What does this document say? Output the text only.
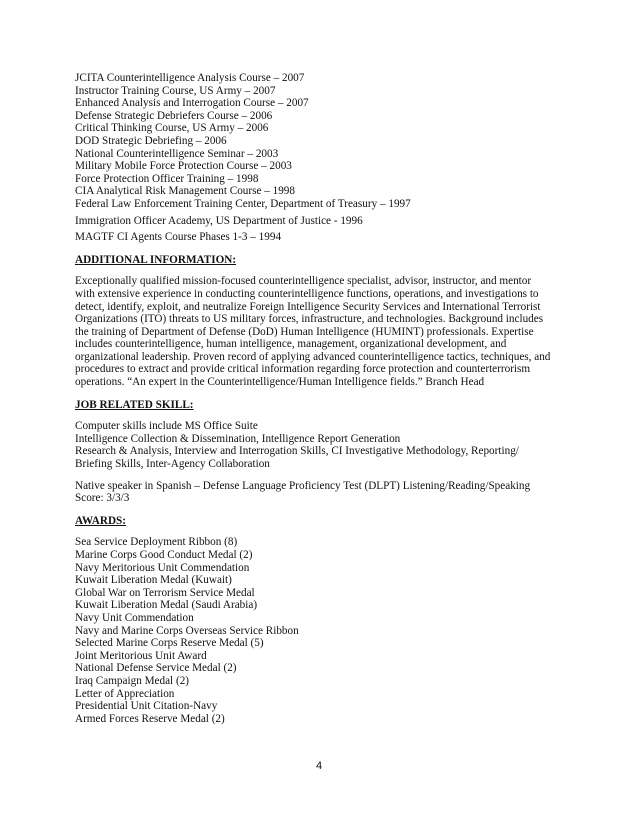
JCITA Counterintelligence Analysis Course – 2007
Instructor Training Course, US Army – 2007
Enhanced Analysis and Interrogation Course – 2007
Defense Strategic Debriefers Course – 2006
Critical Thinking Course, US Army – 2006
DOD Strategic Debriefing – 2006
National Counterintelligence Seminar – 2003
Military Mobile Force Protection Course – 2003
Force Protection Officer Training – 1998
CIA Analytical Risk Management Course – 1998
Federal Law Enforcement Training Center, Department of Treasury – 1997
Immigration Officer Academy, US Department of Justice - 1996
MAGTF CI Agents Course Phases 1-3 – 1994
ADDITIONAL INFORMATION:
Exceptionally qualified mission-focused counterintelligence specialist, advisor, instructor, and mentor
with extensive experience in conducting counterintelligence functions, operations, and investigations to
detect, identify, exploit, and neutralize Foreign Intelligence Security Services and International Terrorist
Organizations (ITO) threats to US military forces, infrastructure, and technologies. Background includes
the training of Department of Defense (DoD) Human Intelligence (HUMINT) professionals. Expertise
includes counterintelligence, human intelligence, management, organizational development, and
organizational leadership. Proven record of applying advanced counterintelligence tactics, techniques, and
procedures to extract and provide critical information regarding force protection and counterterrorism
operations. “An expert in the Counterintelligence/Human Intelligence fields.” Branch Head
JOB RELATED SKILL:
Computer skills include MS Office Suite
Intelligence Collection & Dissemination, Intelligence Report Generation
Research & Analysis, Interview and Interrogation Skills, CI Investigative Methodology, Reporting/
Briefing Skills, Inter-Agency Collaboration
Native speaker in Spanish – Defense Language Proficiency Test (DLPT) Listening/Reading/Speaking
Score: 3/3/3
AWARDS:
Sea Service Deployment Ribbon (8)
Marine Corps Good Conduct Medal (2)
Navy Meritorious Unit Commendation
Kuwait Liberation Medal (Kuwait)
Global War on Terrorism Service Medal
Kuwait Liberation Medal (Saudi Arabia)
Navy Unit Commendation
Navy and Marine Corps Overseas Service Ribbon
Selected Marine Corps Reserve Medal (5)
Joint Meritorious Unit Award
National Defense Service Medal (2)
Iraq Campaign Medal (2)
Letter of Appreciation
Presidential Unit Citation-Navy
Armed Forces Reserve Medal (2)
4
